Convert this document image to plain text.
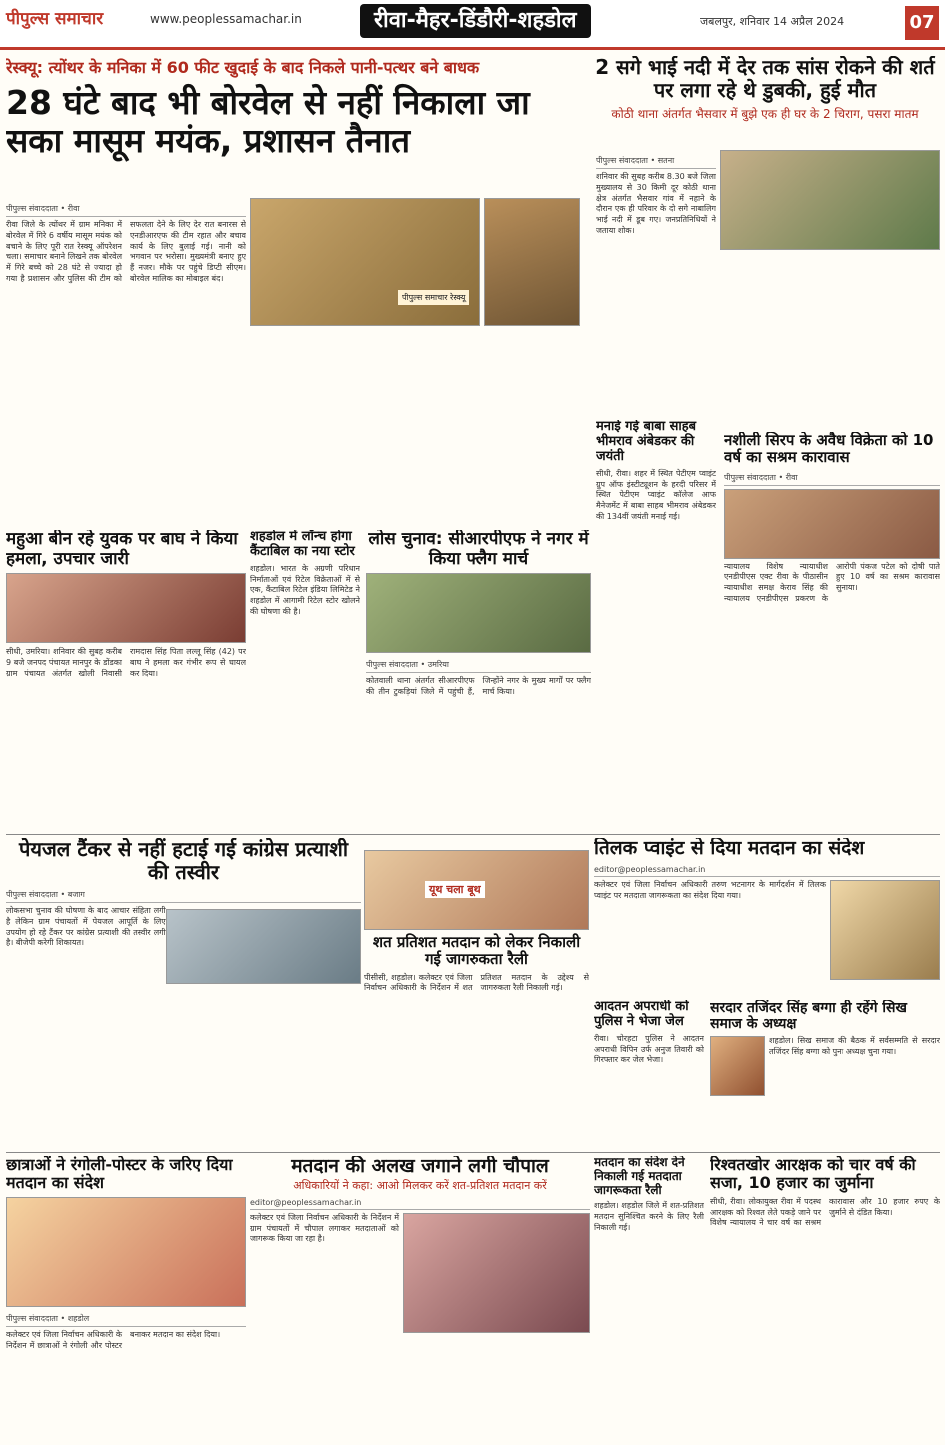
पीपुल्स समाचार	www.peoplessamachar.in	रीवा-मैहर-डिंडौरी-शहडोल	जबलपुर, शनिवार 14 अप्रैल 2024	07
रेस्क्यू: त्योंथर के मनिका में 60 फीट खुदाई के बाद निकले पानी-पत्थर बने बाधक
28 घंटे बाद भी बोरवेल से नहीं निकाला जा सका मासूम मयंक, प्रशासन तैनात
पीपुल्स संवाददाता • रीवा
रीवा जिले के त्योंथर में ग्राम मनिका में बोरवेल में गिरे 6 वर्षीय मासूम मयंक को बचाने के लिए पूरी रात रेस्क्यू ऑपरेशन चला। समाचार बनाने लिखने तक बोरवेल में गिरे बच्चे को 28 घंटे से ज्यादा हो गया है प्रशासन और पुलिस की टीम को सफलता देने के लिए देर रात बनारस से एनडीआरएफ की टीम रहात और बचाव कार्य के लिए बुलाई गई। नानी को भगवान पर भरोसा। मुख्यमंत्री बनाए हुए हैं नजर। मौके पर पहुंचे डिप्टी सीएम। बोरवेल मालिक का मोबाइल बंद।
पीपुल्स समाचार रेस्क्यू
2 सगे भाई नदी में देर तक सांस रोकने की शर्त पर लगा रहे थे डुबकी, हुई मौत
कोठी थाना अंतर्गत भैसवार में बुझे एक ही घर के 2 चिराग, पसरा मातम
पीपुल्स संवाददाता • सतना
शनिवार की सुबह करीब 8.30 बजे जिला मुख्यालय से 30 किमी दूर कोठी थाना क्षेत्र अंतर्गत भैसवार गांव में नहाने के दौरान एक ही परिवार के दो सगे नाबालिग भाई नदी में डूब गए। जनप्रतिनिधियों ने जताया शोक।
मनाई गई बाबा साहब भीमराव अंबेडकर की जयंती
सीधी, रीवा। शहर में स्थित पेटीएम प्वाइंट ग्रुप ऑफ इंस्टीट्यूशन के हरदी परिसर में स्थित पेटीएम प्वाइंट कॉलेज आफ मैनेजमेंट में बाबा साहब भीमराव अंबेडकर की 134वीं जयंती मनाई गई।
नशीली सिरप के अवैध विक्रेता को 10 वर्ष का सश्रम कारावास
पीपुल्स संवाददाता • रीवा
न्यायालय विशेष न्यायाधीश एनडीपीएस एक्ट रीवा के पीठासीन न्यायाधीश समक्ष केराव सिंह की न्यायालय एनडीपीएस प्रकरण के आरोपी पंकज पटेल को दोषी पाते हुए 10 वर्ष का सश्रम कारावास सुनाया।
महुआ बीन रहे युवक पर बाघ ने किया हमला, उपचार जारी
सीधी, उमरिया। शनिवार की सुबह करीब 9 बजे जनपद पंचायत मानपुर के डोंडका ग्राम पंचायत अंतर्गत खोली निवासी रामदास सिंह पिता लल्लू सिंह (42) पर बाघ ने हमला कर गंभीर रूप से घायल कर दिया।
शहडोल में लॉन्च होगा कैंटाबिल का नया स्टोर
शहडोल। भारत के अग्रणी परिधान निर्माताओं एवं रिटेल विक्रेताओं में से एक, कैंटाबिल रिटेल इंडिया लिमिटेड ने शहडोल में आगामी रिटेल स्टोर खोलने की घोषणा की है।
लोस चुनाव: सीआरपीएफ ने नगर में किया फ्लैग मार्च
पीपुल्स संवाददाता • उमरिया
कोतवाली थाना अंतर्गत सीआरपीएफ की तीन टुकड़ियां जिले में पहुंची हैं, जिन्होंने नगर के मुख्य मार्गों पर फ्लैग मार्च किया।
पेयजल टैंकर से नहीं हटाई गई कांग्रेस प्रत्याशी की तस्वीर
पीपुल्स संवाददाता • बजाग
लोकसभा चुनाव की घोषणा के बाद आचार संहिता लगी है लेकिन ग्राम पंचायतों में पेयजल आपूर्ति के लिए उपयोग हो रहे टैंकर पर कांग्रेस प्रत्याशी की तस्वीर लगी है। बीजेपी करेगी शिकायत।
यूथ चला बूथ
शत प्रतिशत मतदान को लेकर निकाली गई जागरुकता रैली
पीसीसी, शहडोल। कलेक्टर एवं जिला निर्वाचन अधिकारी के निर्देशन में शत प्रतिशत मतदान के उद्देश्य से जागरुकता रैली निकाली गई।
तिलक प्वाइंट से दिया मतदान का संदेश
editor@peoplessamachar.in
कलेक्टर एवं जिला निर्वाचन अधिकारी तरुण भटनागर के मार्गदर्शन में तिलक प्वाइंट पर मतदाता जागरूकता का संदेश दिया गया।
आदतन अपराधी को पुलिस ने भेजा जेल
रीवा। चोरहटा पुलिस ने आदतन अपराधी विपिन उर्फ अनुज तिवारी को गिरफ्तार कर जेल भेजा।
सरदार तजिंदर सिंह बग्गा ही रहेंगे सिख समाज के अध्यक्ष
शहडोल। सिख समाज की बैठक में सर्वसम्मति से सरदार तजिंदर सिंह बग्गा को पुनः अध्यक्ष चुना गया।
छात्राओं ने रंगोली-पोस्टर के जरिए दिया मतदान का संदेश
पीपुल्स संवाददाता • शहडोल
कलेक्टर एवं जिला निर्वाचन अधिकारी के निर्देशन में छात्राओं ने रंगोली और पोस्टर बनाकर मतदान का संदेश दिया।
मतदान की अलख जगाने लगी चौपाल
अधिकारियों ने कहा: आओ मिलकर करें शत-प्रतिशत मतदान करें
editor@peoplessamachar.in
कलेक्टर एवं जिला निर्वाचन अधिकारी के निर्देशन में ग्राम पंचायतों में चौपाल लगाकर मतदाताओं को जागरूक किया जा रहा है।
मतदान का संदेश देने निकाली गई मतदाता जागरूकता रैली
शहडोल। शहडोल जिले में शत-प्रतिशत मतदान सुनिश्चित करने के लिए रैली निकाली गई।
रिश्वतखोर आरक्षक को चार वर्ष की सजा, 10 हजार का जुर्माना
सीधी, रीवा। लोकायुक्त रीवा में पदस्थ आरक्षक को रिश्वत लेते पकड़े जाने पर विशेष न्यायालय ने चार वर्ष का सश्रम कारावास और 10 हजार रुपए के जुर्माने से दंडित किया।
